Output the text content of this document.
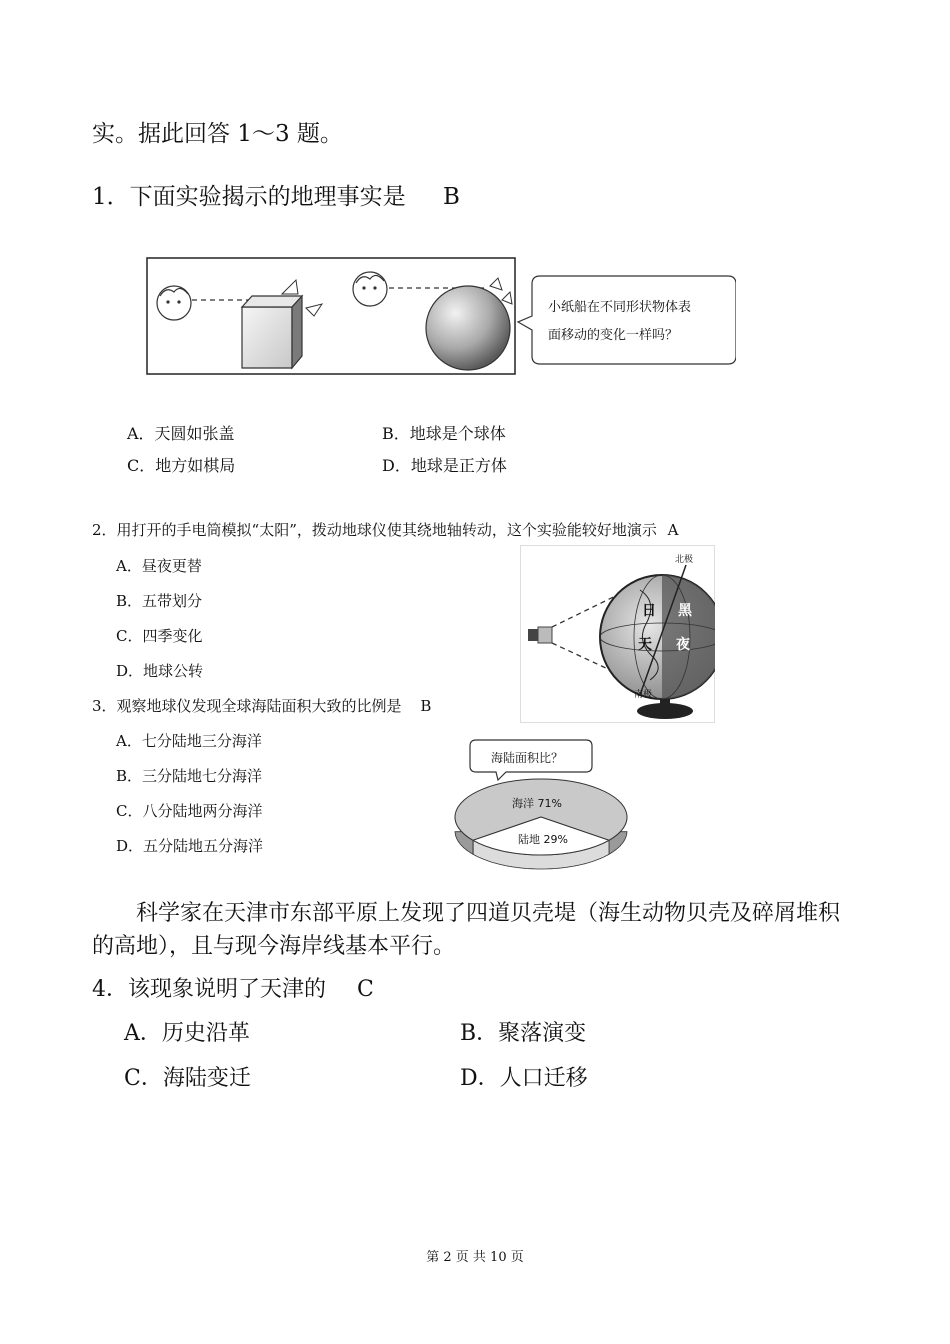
实。据此回答 1～3 题。
1．下面实验揭示的地理事实是 B
小纸船在不同形状物体表
面移动的变化一样吗？
A．天圆如张盖	B．地球是个球体
C．地方如棋局	D．地球是正方体
2．用打开的手电筒模拟“太阳”，拨动地球仪使其绕地轴转动，这个实验能较好地演示 A
A．昼夜更替
B．五带划分
C．四季变化
D．地球公转
北极
南极
日
天
黑
夜
3．观察地球仪发现全球海陆面积大致的比例是 B
A．七分陆地三分海洋
B．三分陆地七分海洋
C．八分陆地两分海洋
D．五分陆地五分海洋
海陆面积比？
海洋 71%
陆地 29%
科学家在天津市东部平原上发现了四道贝壳堤（海生动物贝壳及碎屑堆积
的高地），且与现今海岸线基本平行。
4．该现象说明了天津的 C
A．历史沿革	B．聚落演变
C．海陆变迁	D．人口迁移
第 2 页 共 10 页
